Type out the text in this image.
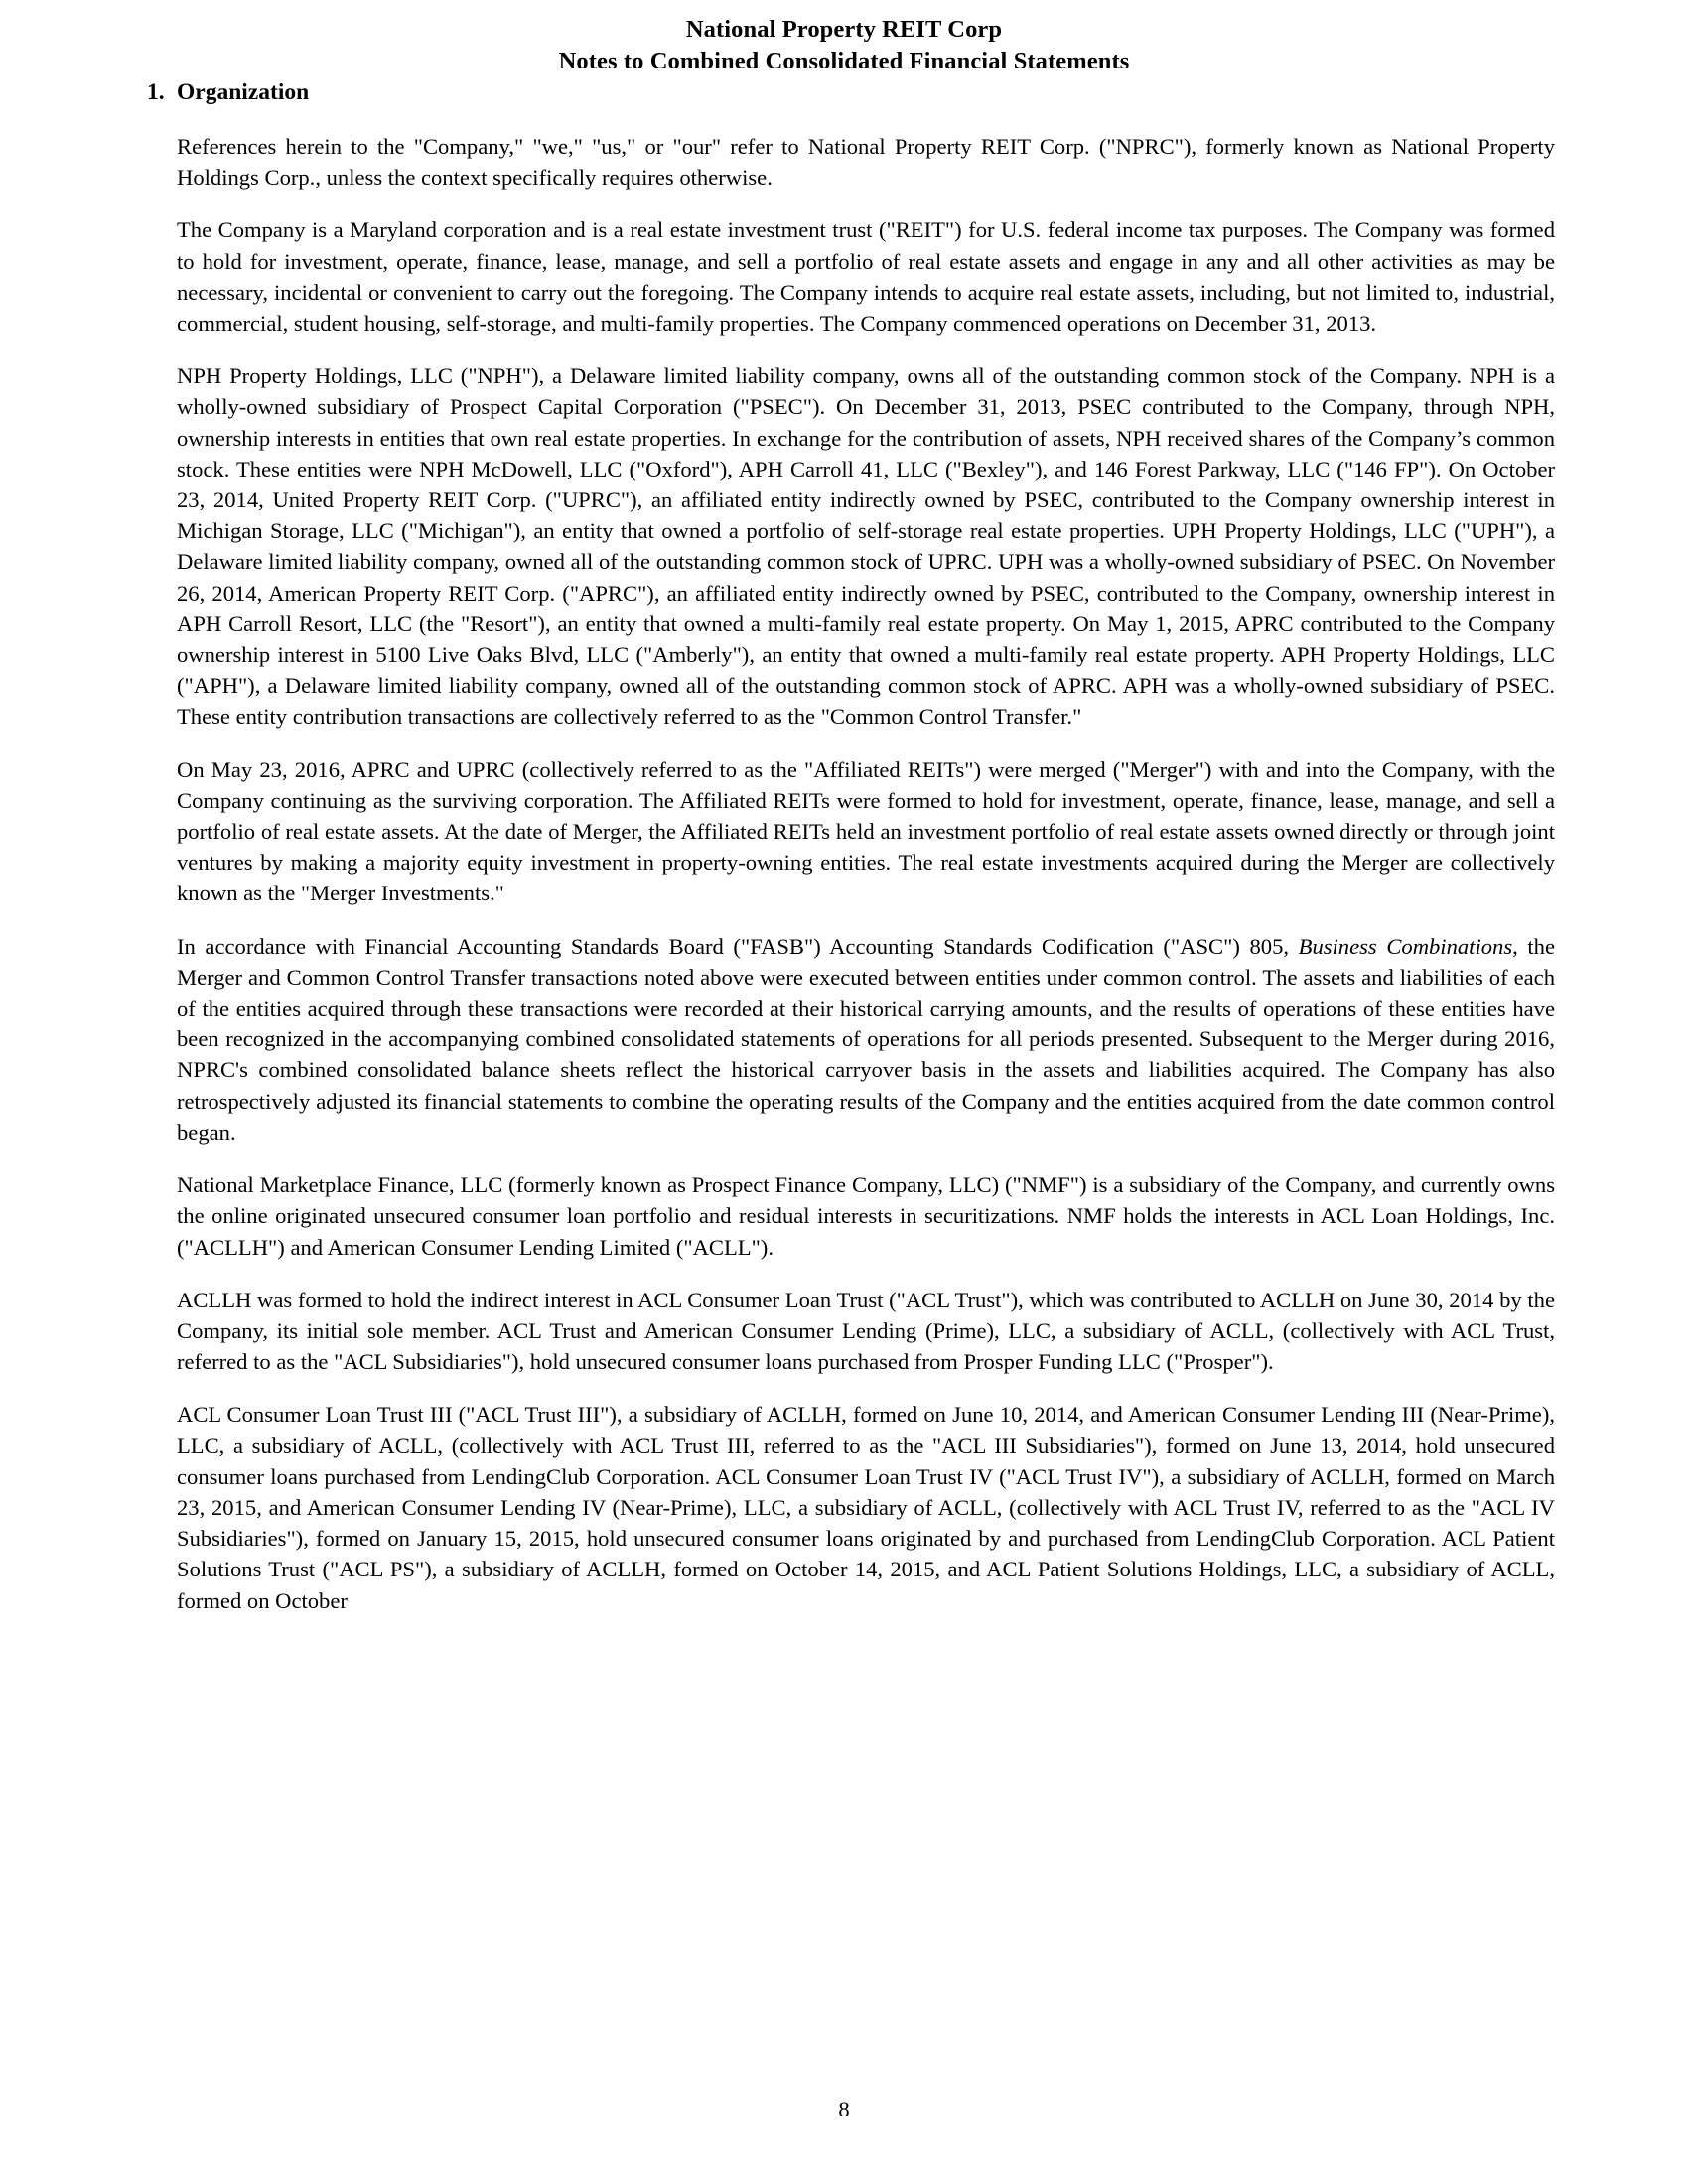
National Property REIT Corp
Notes to Combined Consolidated Financial Statements
1. Organization

References herein to the "Company," "we," "us," or "our" refer to National Property REIT Corp. ("NPRC"), formerly known as National Property Holdings Corp., unless the context specifically requires otherwise.

The Company is a Maryland corporation and is a real estate investment trust ("REIT") for U.S. federal income tax purposes. The Company was formed to hold for investment, operate, finance, lease, manage, and sell a portfolio of real estate assets and engage in any and all other activities as may be necessary, incidental or convenient to carry out the foregoing. The Company intends to acquire real estate assets, including, but not limited to, industrial, commercial, student housing, self-storage, and multi-family properties. The Company commenced operations on December 31, 2013.

NPH Property Holdings, LLC ("NPH"), a Delaware limited liability company, owns all of the outstanding common stock of the Company. NPH is a wholly-owned subsidiary of Prospect Capital Corporation ("PSEC"). On December 31, 2013, PSEC contributed to the Company, through NPH, ownership interests in entities that own real estate properties. In exchange for the contribution of assets, NPH received shares of the Company’s common stock. These entities were NPH McDowell, LLC ("Oxford"), APH Carroll 41, LLC ("Bexley"), and 146 Forest Parkway, LLC ("146 FP"). On October 23, 2014, United Property REIT Corp. ("UPRC"), an affiliated entity indirectly owned by PSEC, contributed to the Company ownership interest in Michigan Storage, LLC ("Michigan"), an entity that owned a portfolio of self-storage real estate properties. UPH Property Holdings, LLC ("UPH"), a Delaware limited liability company, owned all of the outstanding common stock of UPRC. UPH was a wholly-owned subsidiary of PSEC. On November 26, 2014, American Property REIT Corp. ("APRC"), an affiliated entity indirectly owned by PSEC, contributed to the Company, ownership interest in APH Carroll Resort, LLC (the "Resort"), an entity that owned a multi-family real estate property. On May 1, 2015, APRC contributed to the Company ownership interest in 5100 Live Oaks Blvd, LLC ("Amberly"), an entity that owned a multi-family real estate property. APH Property Holdings, LLC ("APH"), a Delaware limited liability company, owned all of the outstanding common stock of APRC. APH was a wholly-owned subsidiary of PSEC. These entity contribution transactions are collectively referred to as the "Common Control Transfer."

On May 23, 2016, APRC and UPRC (collectively referred to as the "Affiliated REITs") were merged ("Merger") with and into the Company, with the Company continuing as the surviving corporation. The Affiliated REITs were formed to hold for investment, operate, finance, lease, manage, and sell a portfolio of real estate assets. At the date of Merger, the Affiliated REITs held an investment portfolio of real estate assets owned directly or through joint ventures by making a majority equity investment in property-owning entities. The real estate investments acquired during the Merger are collectively known as the "Merger Investments."

In accordance with Financial Accounting Standards Board ("FASB") Accounting Standards Codification ("ASC") 805, Business Combinations, the Merger and Common Control Transfer transactions noted above were executed between entities under common control. The assets and liabilities of each of the entities acquired through these transactions were recorded at their historical carrying amounts, and the results of operations of these entities have been recognized in the accompanying combined consolidated statements of operations for all periods presented. Subsequent to the Merger during 2016, NPRC's combined consolidated balance sheets reflect the historical carryover basis in the assets and liabilities acquired. The Company has also retrospectively adjusted its financial statements to combine the operating results of the Company and the entities acquired from the date common control began.

National Marketplace Finance, LLC (formerly known as Prospect Finance Company, LLC) ("NMF") is a subsidiary of the Company, and currently owns the online originated unsecured consumer loan portfolio and residual interests in securitizations. NMF holds the interests in ACL Loan Holdings, Inc. ("ACLLH") and American Consumer Lending Limited ("ACLL").

ACLLH was formed to hold the indirect interest in ACL Consumer Loan Trust ("ACL Trust"), which was contributed to ACLLH on June 30, 2014 by the Company, its initial sole member. ACL Trust and American Consumer Lending (Prime), LLC, a subsidiary of ACLL, (collectively with ACL Trust, referred to as the "ACL Subsidiaries"), hold unsecured consumer loans purchased from Prosper Funding LLC ("Prosper").

ACL Consumer Loan Trust III ("ACL Trust III"), a subsidiary of ACLLH, formed on June 10, 2014, and American Consumer Lending III (Near-Prime), LLC, a subsidiary of ACLL, (collectively with ACL Trust III, referred to as the "ACL III Subsidiaries"), formed on June 13, 2014, hold unsecured consumer loans purchased from LendingClub Corporation. ACL Consumer Loan Trust IV ("ACL Trust IV"), a subsidiary of ACLLH, formed on March 23, 2015, and American Consumer Lending IV (Near-Prime), LLC, a subsidiary of ACLL, (collectively with ACL Trust IV, referred to as the "ACL IV Subsidiaries"), formed on January 15, 2015, hold unsecured consumer loans originated by and purchased from LendingClub Corporation. ACL Patient Solutions Trust ("ACL PS"), a subsidiary of ACLLH, formed on October 14, 2015, and ACL Patient Solutions Holdings, LLC, a subsidiary of ACLL, formed on October

8
